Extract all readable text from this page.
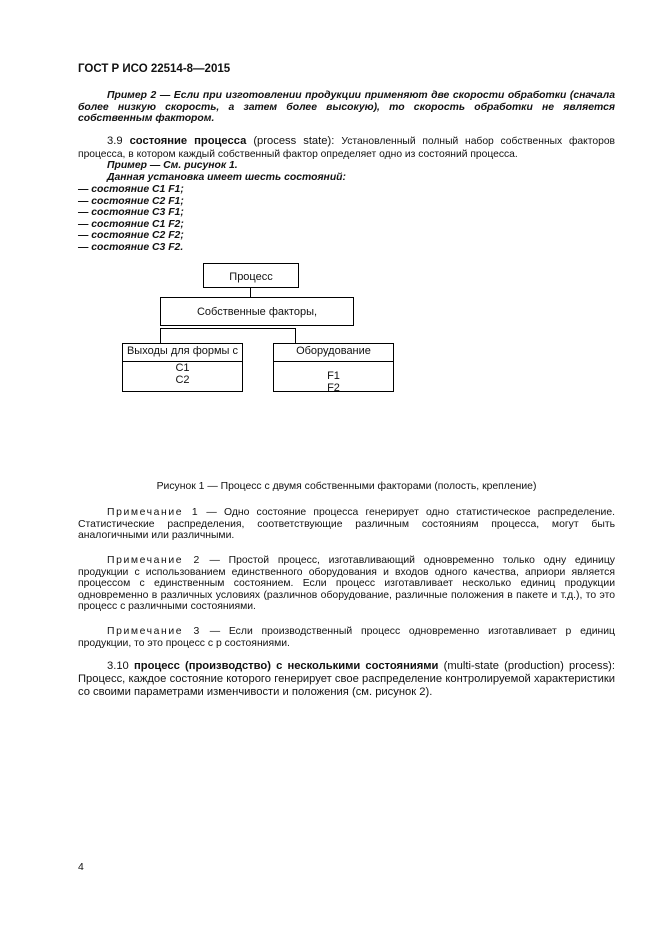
ГОСТ Р ИСО 22514-8—2015
Пример 2 — Если при изготовлении продукции применяют две скорости обработки (сначала более низкую скорость, а затем более высокую), то скорость обработки не является собственным фактором.
3.9 состояние процесса (process state): Установленный полный набор собственных факторов процесса, в котором каждый собственный фактор определяет одно из состояний процесса.
Пример — См. рисунок 1.
Данная установка имеет шесть состояний:
— состояние C1 F1;
— состояние C2 F1;
— состояние C3 F1;
— состояние C1 F2;
— состояние C2 F2;
— состояние C3 F2.
Процесс
Собственные факторы,
Выходы для формы с
C1
C2
Оборудование
F1
F2
Рисунок 1 — Процесс с двумя собственными факторами (полость, крепление)
Примечание 1 — Одно состояние процесса генерирует одно статистическое распределение. Статистические распределения, соответствующие различным состояниям процесса, могут быть аналогичными или различными.
Примечание 2 — Простой процесс, изготавливающий одновременно только одну единицу продукции с использованием единственного оборудования и входов одного качества, априори является процессом с единственным состоянием. Если процесс изготавливает несколько единиц продукции одновременно в различных условиях (различнов оборудование, различные положения в пакете и т.д.), то это процесс с различными состояниями.
Примечание 3 — Если производственный процесс одновременно изготавливает p единиц продукции, то это процесс с p состояниями.
3.10 процесс (производство) с несколькими состояниями (multi-state (production) process): Процесс, каждое состояние которого генерирует свое распределение контролируемой характеристики со своими параметрами изменчивости и положения (см. рисунок 2).
4
